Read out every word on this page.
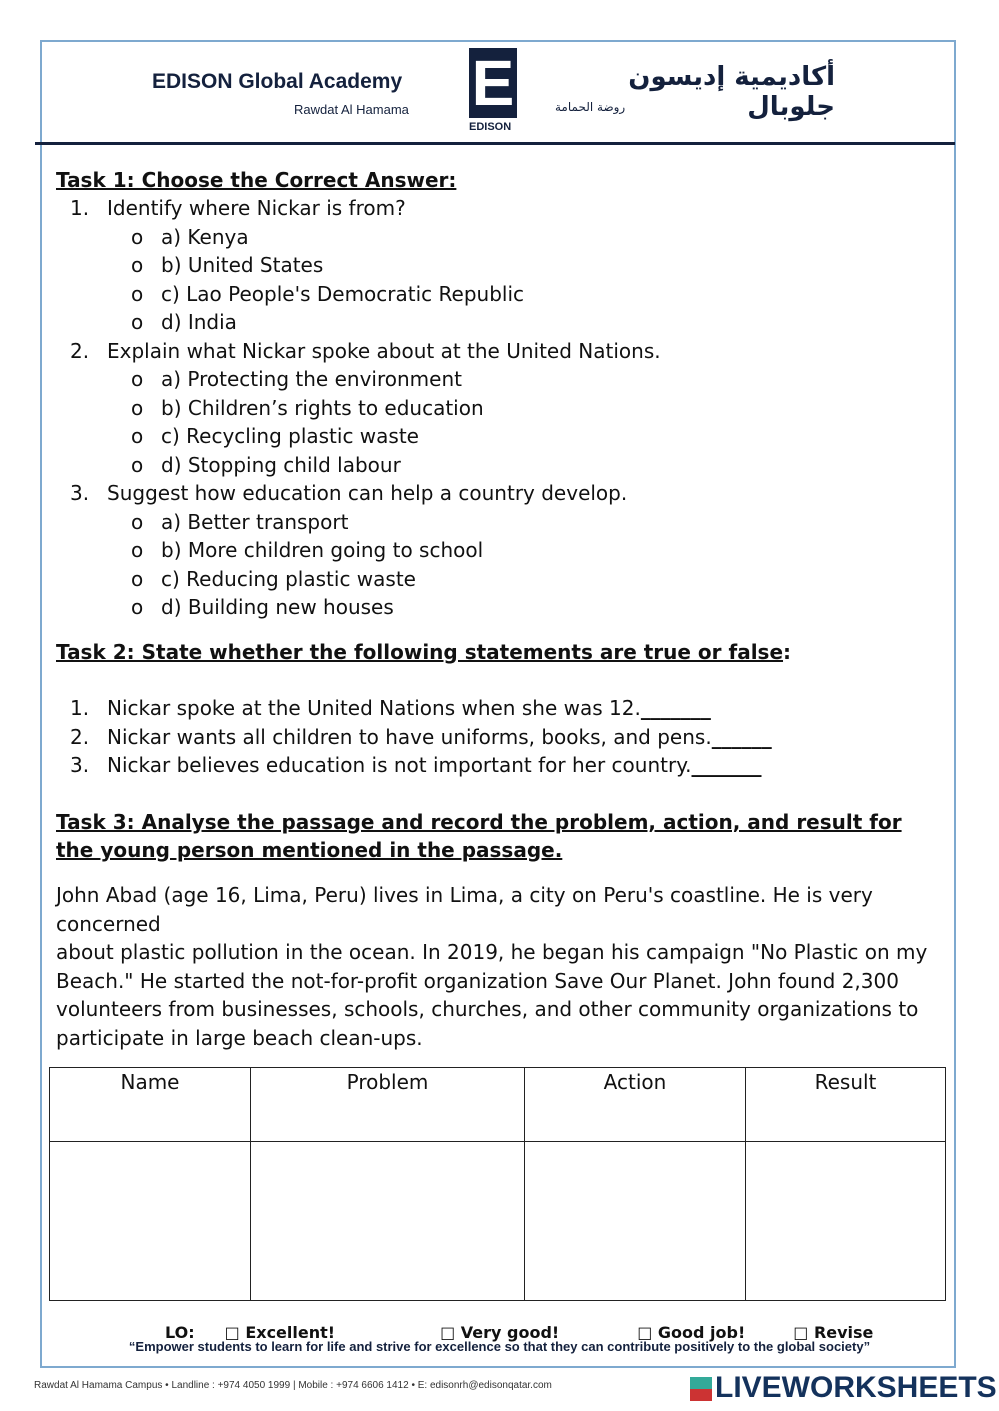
EDISON Global Academy
Rawdat Al Hamama E
EDISON
أكاديمية إديسون جلوبال
روضة الحمامة
Task 1: Choose the Correct Answer:
1. Identify where Nickar is from?
o a) Kenya
o b) United States
o c) Lao People's Democratic Republic
o d) India
2. Explain what Nickar spoke about at the United Nations.
o a) Protecting the environment
o b) Children’s rights to education
o c) Recycling plastic waste
o d) Stopping child labour
3. Suggest how education can help a country develop.
o a) Better transport
o b) More children going to school
o c) Reducing plastic waste
o d) Building new houses
Task 2: State whether the following statements are true or false:
1. Nickar spoke at the United Nations when she was 12._______
2. Nickar wants all children to have uniforms, books, and pens.______
3. Nickar believes education is not important for her country._______
Task 3: Analyse the passage and record the problem, action, and result for
the young person mentioned in the passage.
John Abad (age 16, Lima, Peru) lives in Lima, a city on Peru's coastline. He is very concerned
about plastic pollution in the ocean. In 2019, he began his campaign "No Plastic on my Beach." He started the not-for-profit organization Save Our Planet. John found 2,300 volunteers from businesses, schools, churches, and other community organizations to participate in large beach clean-ups.
Name	Problem	Action	Result

LO: □ Excellent!	□ Very good!	□ Good job!	□ Revise
“Empower students to learn for life and strive for excellence so that they can contribute positively to the global society”
Rawdat Al Hamama Campus • Landline : +974 4050 1999 | Mobile : +974 6606 1412 • E: edisonrh@edisonqatar.com	LIVEWORKSHEETS
